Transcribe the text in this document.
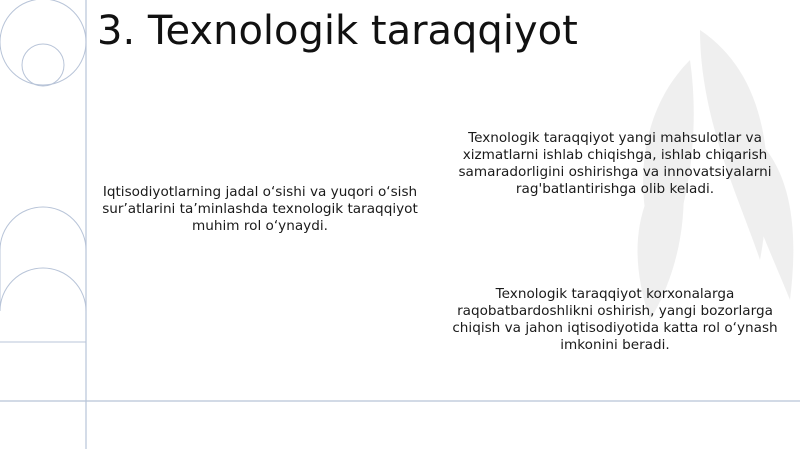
3. Texnologik taraqqiyot
Iqtisodiyotlarning jadal o‘sishi va yuqori o‘sish sur’atlarini ta’minlashda texnologik taraqqiyot muhim rol o‘ynaydi.
Texnologik taraqqiyot yangi mahsulotlar va xizmatlarni ishlab chiqishga, ishlab chiqarish samaradorligini oshirishga va innovatsiyalarni rag'batlantirishga olib keladi.
Texnologik taraqqiyot korxonalarga raqobatbardoshlikni oshirish, yangi bozorlarga chiqish va jahon iqtisodiyotida katta rol o‘ynash imkonini beradi.
